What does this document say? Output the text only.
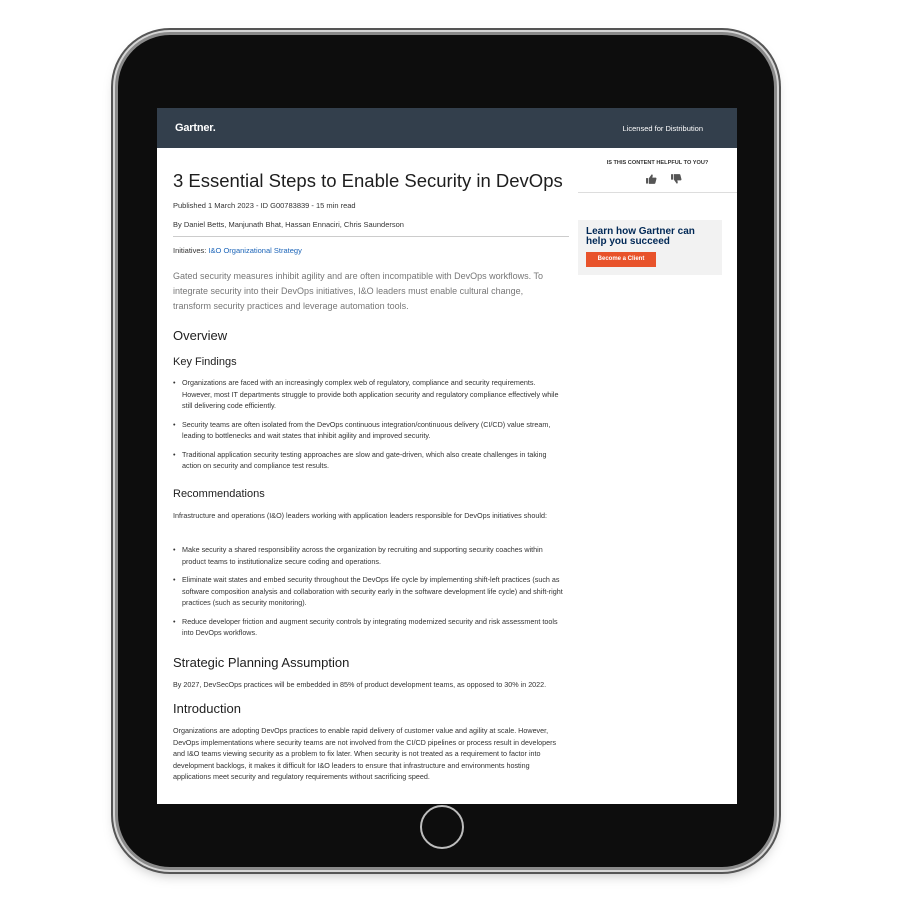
Gartner.	Licensed for Distribution
3 Essential Steps to Enable Security in DevOps
Published 1 March 2023 - ID G00783839 - 15 min read
By Daniel Betts, Manjunath Bhat, Hassan Ennaciri, Chris Saunderson
Initiatives: I&O Organizational Strategy

Gated security measures inhibit agility and are often incompatible with DevOps workflows. To integrate security into their DevOps initiatives, I&O leaders must enable cultural change, transform security practices and leverage automation tools.

Overview
Key Findings
• Organizations are faced with an increasingly complex web of regulatory, compliance and security requirements. However, most IT departments struggle to provide both application security and regulatory compliance effectively while still delivering code efficiently.
• Security teams are often isolated from the DevOps continuous integration/continuous delivery (CI/CD) value stream, leading to bottlenecks and wait states that inhibit agility and improved security.
• Traditional application security testing approaches are slow and gate-driven, which also create challenges in taking action on security and compliance test results.
Recommendations

Infrastructure and operations (I&O) leaders working with application leaders responsible for DevOps initiatives should:

• Make security a shared responsibility across the organization by recruiting and supporting security coaches within product teams to institutionalize secure coding and operations.
• Eliminate wait states and embed security throughout the DevOps life cycle by implementing shift-left practices (such as software composition analysis and collaboration with security early in the software development life cycle) and shift-right practices (such as security monitoring).
• Reduce developer friction and augment security controls by integrating modernized security and risk assessment tools into DevOps workflows.
Strategic Planning Assumption

By 2027, DevSecOps practices will be embedded in 85% of product development teams, as opposed to 30% in 2022.

Introduction

Organizations are adopting DevOps practices to enable rapid delivery of customer value and agility at scale. However, DevOps implementations where security teams are not involved from the CI/CD pipelines or process result in developers and I&O teams viewing security as a problem to fix later. When security is not treated as a requirement to factor into development backlogs, it makes it difficult for I&O leaders to ensure that infrastructure and environments hosting applications meet security and regulatory requirements without sacrificing speed.

IS THIS CONTENT HELPFUL TO YOU?

Learn how Gartner can help you succeed

Become a Client
